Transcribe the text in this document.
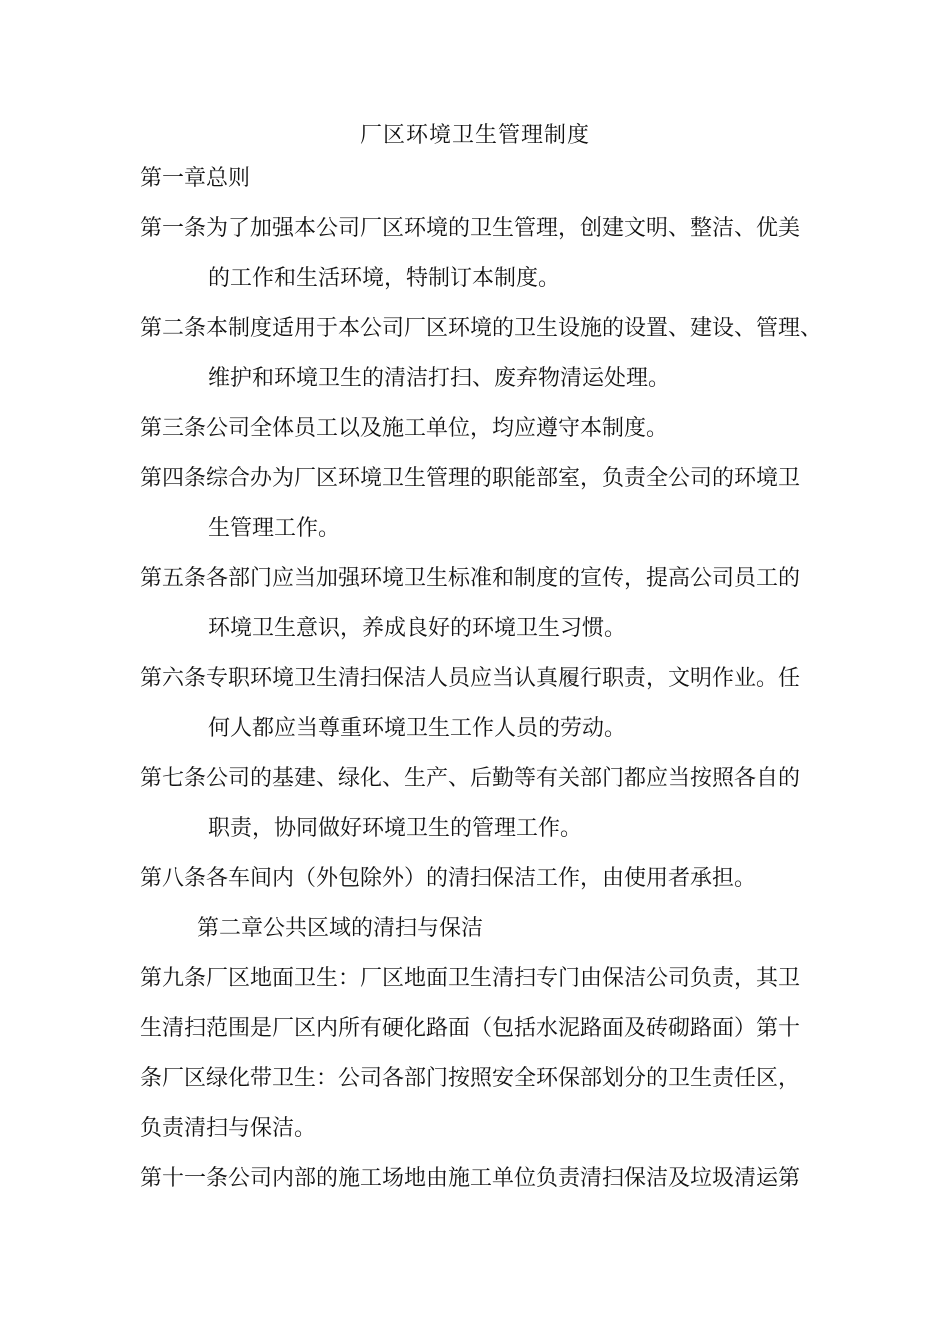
厂区环境卫生管理制度
第一章总则
第一条为了加强本公司厂区环境的卫生管理，创建文明、整洁、优美
的工作和生活环境，特制订本制度。
第二条本制度适用于本公司厂区环境的卫生设施的设置、建设、管理、
维护和环境卫生的清洁打扫、废弃物清运处理。
第三条公司全体员工以及施工单位，均应遵守本制度。
第四条综合办为厂区环境卫生管理的职能部室，负责全公司的环境卫
生管理工作。
第五条各部门应当加强环境卫生标准和制度的宣传，提高公司员工的
环境卫生意识，养成良好的环境卫生习惯。
第六条专职环境卫生清扫保洁人员应当认真履行职责，文明作业。任
何人都应当尊重环境卫生工作人员的劳动。
第七条公司的基建、绿化、生产、后勤等有关部门都应当按照各自的
职责，协同做好环境卫生的管理工作。
第八条各车间内（外包除外）的清扫保洁工作，由使用者承担。
第二章公共区域的清扫与保洁
第九条厂区地面卫生：厂区地面卫生清扫专门由保洁公司负责，其卫
生清扫范围是厂区内所有硬化路面（包括水泥路面及砖砌路面）第十
条厂区绿化带卫生：公司各部门按照安全环保部划分的卫生责任区，
负责清扫与保洁。
第十一条公司内部的施工场地由施工单位负责清扫保洁及垃圾清运第
